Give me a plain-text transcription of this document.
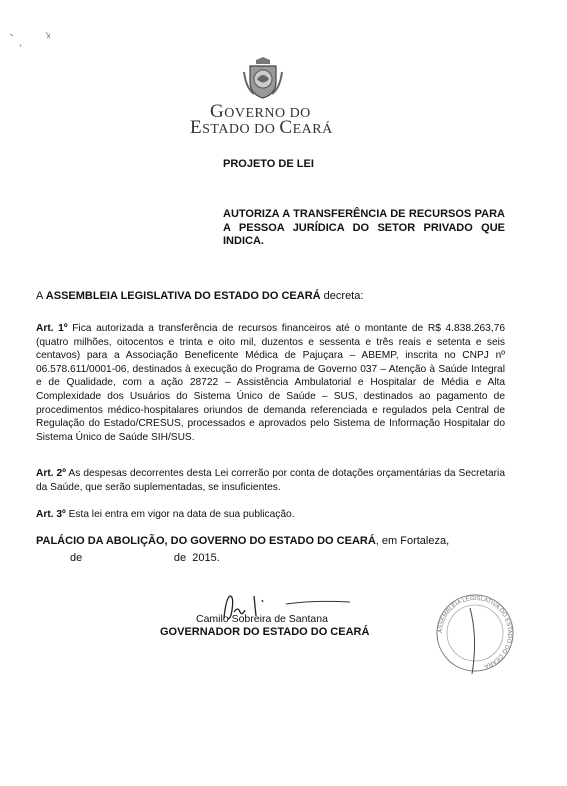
GOVERNO DO
ESTADO DO CEARÁ
PROJETO DE LEI
AUTORIZA A TRANSFERÊNCIA DE RECURSOS PARA A PESSOA JURÍDICA DO SETOR PRIVADO QUE INDICA.
A ASSEMBLEIA LEGISLATIVA DO ESTADO DO CEARÁ decreta:
Art. 1º Fica autorizada a transferência de recursos financeiros até o montante de R$ 4.838.263,76 (quatro milhões, oitocentos e trinta e oito mil, duzentos e sessenta e três reais e setenta e seis centavos) para a Associação Beneficente Médica de Pajuçara – ABEMP, inscrita no CNPJ nº 06.578.611/0001-06, destinados à execução do Programa de Governo 037 – Atenção à Saúde Integral e de Qualidade, com a ação 28722 – Assistência Ambulatorial e Hospitalar de Média e Alta Complexidade dos Usuários do Sistema Único de Saúde – SUS, destinados ao pagamento de procedimentos médico-hospitalares oriundos de demanda referenciada e regulados pela Central de Regulação do Estado/CRESUS, processados e aprovados pelo Sistema de Informação Hospitalar do Sistema Único de Saúde SIH/SUS.
Art. 2º As despesas decorrentes desta Lei correrão por conta de dotações orçamentárias da Secretaria da Saúde, que serão suplementadas, se insuficientes.
Art. 3º Esta lei entra em vigor na data de sua publicação.
PALÁCIO DA ABOLIÇÃO, DO GOVERNO DO ESTADO DO CEARÁ, em Fortaleza,
de                              de  2015.
Camilo Sobreira de Santana
GOVERNADOR DO ESTADO DO CEARÁ	ASSEMBLEIA LEGISLATIVA DO ESTADO DO CEARÁ
